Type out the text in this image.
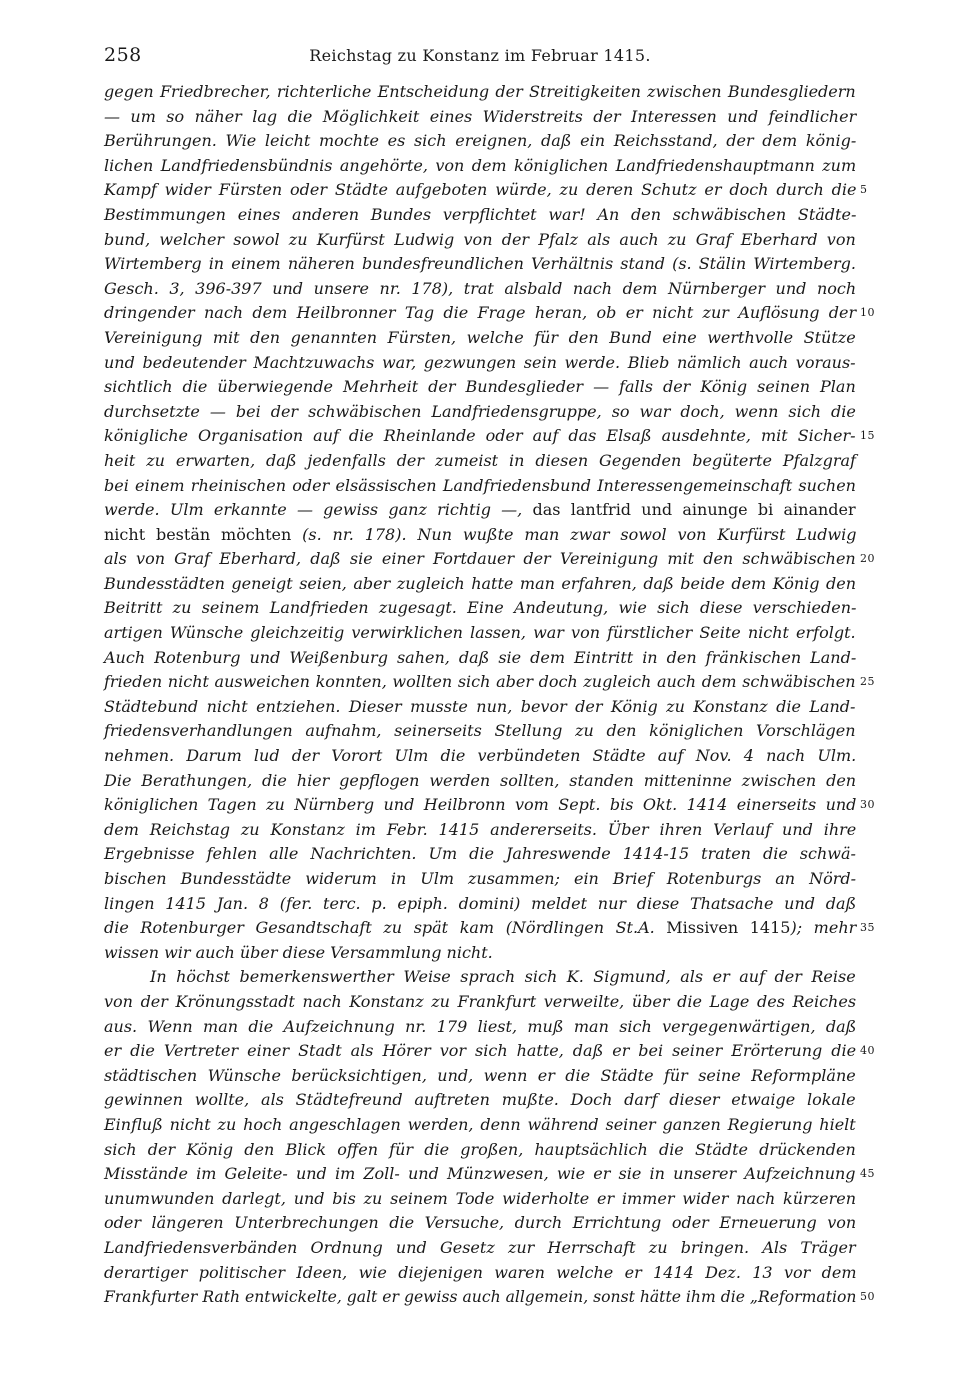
258	Reichstag zu Konstanz im Februar 1415.
gegen Friedbrecher, richterliche Entscheidung der Streitigkeiten zwischen Bundesgliedern
— um so näher lag die Möglichkeit eines Widerstreits der Interessen und feindlicher
Berührungen. Wie leicht mochte es sich ereignen, daß ein Reichsstand, der dem könig-
lichen Landfriedensbündnis angehörte, von dem königlichen Landfriedenshauptmann zum
Kampf wider Fürsten oder Städte aufgeboten würde, zu deren Schutz er doch durch die 5
Bestimmungen eines anderen Bundes verpflichtet war! An den schwäbischen Städte-
bund, welcher sowol zu Kurfürst Ludwig von der Pfalz als auch zu Graf Eberhard von
Wirtemberg in einem näheren bundesfreundlichen Verhältnis stand (s. Stälin Wirtemberg.
Gesch. 3, 396-397 und unsere nr. 178), trat alsbald nach dem Nürnberger und noch
dringender nach dem Heilbronner Tag die Frage heran, ob er nicht zur Auflösung der 10
Vereinigung mit den genannten Fürsten, welche für den Bund eine werthvolle Stütze
und bedeutender Machtzuwachs war, gezwungen sein werde. Blieb nämlich auch voraus-
sichtlich die überwiegende Mehrheit der Bundesglieder — falls der König seinen Plan
durchsetzte — bei der schwäbischen Landfriedensgruppe, so war doch, wenn sich die
königliche Organisation auf die Rheinlande oder auf das Elsaß ausdehnte, mit Sicher- 15
heit zu erwarten, daß jedenfalls der zumeist in diesen Gegenden begüterte Pfalzgraf
bei einem rheinischen oder elsässischen Landfriedensbund Interessengemeinschaft suchen
werde. Ulm erkannte — gewiss ganz richtig —, das lantfrid und ainunge bi ainander
nicht bestän möchten (s. nr. 178). Nun wußte man zwar sowol von Kurfürst Ludwig
als von Graf Eberhard, daß sie einer Fortdauer der Vereinigung mit den schwäbischen 20
Bundesstädten geneigt seien, aber zugleich hatte man erfahren, daß beide dem König den
Beitritt zu seinem Landfrieden zugesagt. Eine Andeutung, wie sich diese verschieden-
artigen Wünsche gleichzeitig verwirklichen lassen, war von fürstlicher Seite nicht erfolgt.
Auch Rotenburg und Weißenburg sahen, daß sie dem Eintritt in den fränkischen Land-
frieden nicht ausweichen konnten, wollten sich aber doch zugleich auch dem schwäbischen 25
Städtebund nicht entziehen. Dieser musste nun, bevor der König zu Konstanz die Land-
friedensverhandlungen aufnahm, seinerseits Stellung zu den königlichen Vorschlägen
nehmen. Darum lud der Vorort Ulm die verbündeten Städte auf Nov. 4 nach Ulm.
Die Berathungen, die hier gepflogen werden sollten, standen mitteninne zwischen den
königlichen Tagen zu Nürnberg und Heilbronn vom Sept. bis Okt. 1414 einerseits und 30
dem Reichstag zu Konstanz im Febr. 1415 andererseits. Über ihren Verlauf und ihre
Ergebnisse fehlen alle Nachrichten. Um die Jahreswende 1414-15 traten die schwä-
bischen Bundesstädte widerum in Ulm zusammen; ein Brief Rotenburgs an Nörd-
lingen 1415 Jan. 8 (fer. terc. p. epiph. domini) meldet nur diese Thatsache und daß
die Rotenburger Gesandtschaft zu spät kam (Nördlingen St.A. Missiven 1415); mehr 35
wissen wir auch über diese Versammlung nicht.
In höchst bemerkenswerther Weise sprach sich K. Sigmund, als er auf der Reise
von der Krönungsstadt nach Konstanz zu Frankfurt verweilte, über die Lage des Reiches
aus. Wenn man die Aufzeichnung nr. 179 liest, muß man sich vergegenwärtigen, daß
er die Vertreter einer Stadt als Hörer vor sich hatte, daß er bei seiner Erörterung die 40
städtischen Wünsche berücksichtigen, und, wenn er die Städte für seine Reformpläne
gewinnen wollte, als Städtefreund auftreten mußte. Doch darf dieser etwaige lokale
Einfluß nicht zu hoch angeschlagen werden, denn während seiner ganzen Regierung hielt
sich der König den Blick offen für die großen, hauptsächlich die Städte drückenden
Misstände im Geleite- und im Zoll- und Münzwesen, wie er sie in unserer Aufzeichnung 45
unumwunden darlegt, und bis zu seinem Tode widerholte er immer wider nach kürzeren
oder längeren Unterbrechungen die Versuche, durch Errichtung oder Erneuerung von
Landfriedensverbänden Ordnung und Gesetz zur Herrschaft zu bringen. Als Träger
derartiger politischer Ideen, wie diejenigen waren welche er 1414 Dez. 13 vor dem
Frankfurter Rath entwickelte, galt er gewiss auch allgemein, sonst hätte ihm die „Reformation 50
